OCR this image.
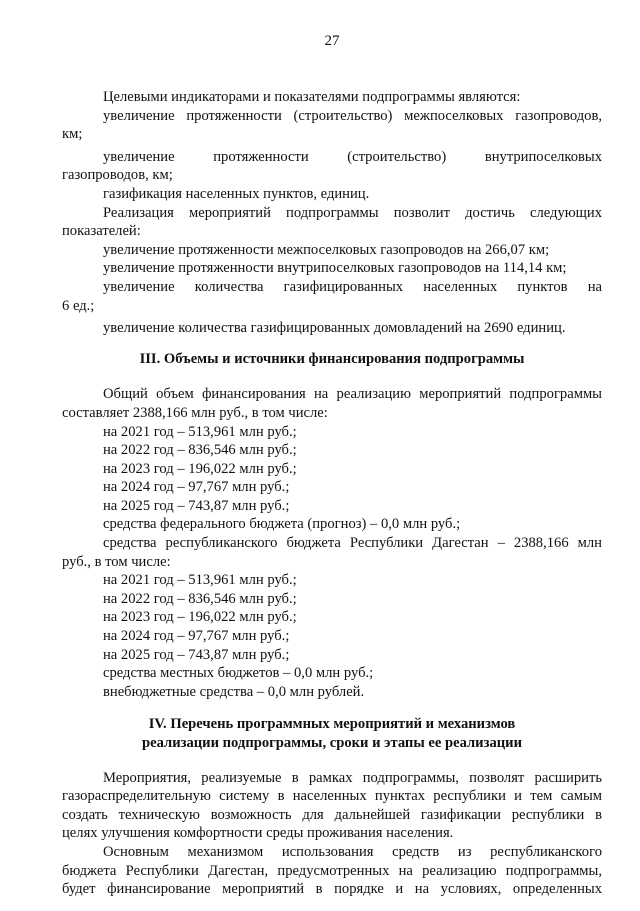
27
Целевыми индикаторами и показателями подпрограммы являются:
увеличение протяженности (строительство) межпоселковых газопроводов,
км;
увеличение протяженности (строительство) внутрипоселковых
газопроводов, км;
газификация населенных пунктов, единиц.
Реализация мероприятий подпрограммы позволит достичь следующих
показателей:
увеличение протяженности межпоселковых газопроводов на 266,07 км;
увеличение протяженности внутрипоселковых газопроводов на 114,14 км;
увеличение количества газифицированных населенных пунктов на
6 ед.;
увеличение количества газифицированных домовладений на 2690 единиц.
III. Объемы и источники финансирования подпрограммы
Общий объем финансирования на реализацию мероприятий подпрограммы
составляет 2388,166 млн руб., в том числе:
на 2021 год – 513,961 млн руб.;
на 2022 год – 836,546 млн руб.;
на 2023 год – 196,022 млн руб.;
на 2024 год – 97,767 млн руб.;
на 2025 год – 743,87 млн руб.;
средства федерального бюджета (прогноз) – 0,0 млн руб.;
средства республиканского бюджета Республики Дагестан – 2388,166 млн
руб., в том числе:
на 2021 год – 513,961 млн руб.;
на 2022 год – 836,546 млн руб.;
на 2023 год – 196,022 млн руб.;
на 2024 год – 97,767 млн руб.;
на 2025 год – 743,87 млн руб.;
средства местных бюджетов – 0,0 млн руб.;
внебюджетные средства – 0,0 млн рублей.
IV. Перечень программных мероприятий и механизмов
реализации подпрограммы, сроки и этапы ее реализации
Мероприятия, реализуемые в рамках подпрограммы, позволят расширить
газораспределительную систему в населенных пунктах республики и тем самым
создать техническую возможность для дальнейшей газификации республики в
целях улучшения комфортности среды проживания населения.
Основным механизмом использования средств из республиканского
бюджета Республики Дагестан, предусмотренных на реализацию подпрограммы,
будет финансирование мероприятий в порядке и на условиях, определенных
